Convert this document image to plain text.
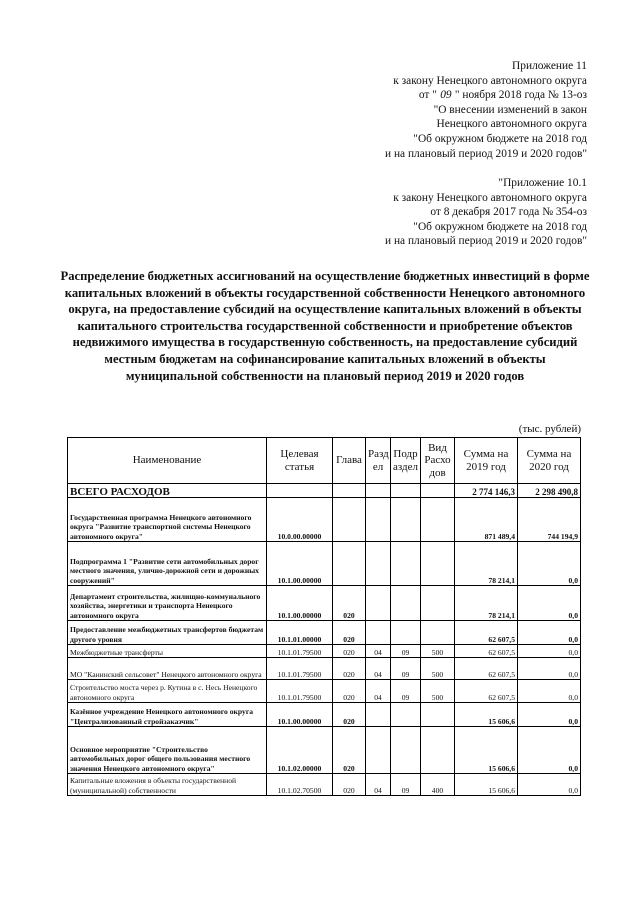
Приложение 11
к закону Ненецкого автономного округа
от " 09 " ноября 2018 года № 13-оз
"О внесении изменений в закон
Ненецкого автономного округа
"Об окружном бюджете на 2018 год
и на плановый период 2019 и 2020 годов"
"Приложение 10.1
к закону Ненецкого автономного округа
от 8 декабря 2017 года № 354-оз
"Об окружном бюджете на 2018 год
и на плановый период 2019 и 2020 годов"
Распределение бюджетных ассигнований на осуществление бюджетных инвестиций в форме капитальных вложений в объекты государственной собственности Ненецкого автономного округа, на предоставление субсидий на осуществление капитальных вложений в объекты капитального строительства государственной собственности и приобретение объектов недвижимого имущества в государственную собственность, на предоставление субсидий местным бюджетам на софинансирование капитальных вложений в объекты муниципальной собственности на плановый период 2019 и 2020 годов
(тыс. рублей)
Наименование	Целевая статья	Глава	Разд ел	Подр аздел	Вид Расхо дов	Сумма на 2019 год	Сумма на 2020 год
ВСЕГО РАСХОДОВ						2 774 146,3	2 298 490,8
Государственная программа Ненецкого автономного округа "Развитие транспортной системы Ненецкого автономного округа"	10.0.00.00000					871 489,4	744 194,9
Подпрограмма 1 "Развитие сети автомобильных дорог местного значения, улично-дорожной сети и дорожных сооружений"	10.1.00.00000					78 214,1	0,0
Департамент строительства, жилищно-коммунального хозяйства, энергетики и транспорта Ненецкого автономного округа	10.1.00.00000	020				78 214,1	0,0
Предоставление межбюджетных трансфертов бюджетам другого уровня	10.1.01.00000	020				62 607,5	0,0
Межбюджетные трансферты	10.1.01.79500	020	04	09	500	62 607,5	0,0
МО "Канинский сельсовет" Ненецкого автономного округа	10.1.01.79500	020	04	09	500	62 607,5	0,0
Строительство моста через р. Кутина в с. Несь Ненецкого автономного округа	10.1.01.79500	020	04	09	500	62 607,5	0,0
Казённое учреждение Ненецкого автономного округа "Централизованный стройзаказчик"	10.1.00.00000	020				15 606,6	0,0
Основное мероприятие "Строительство автомобильных дорог общего пользования местного значения Ненецкого автономного округа"	10.1.02.00000	020				15 606,6	0,0
Капитальные вложения в объекты государственной (муниципальной) собственности	10.1.02.70500	020	04	09	400	15 606,6	0,0
